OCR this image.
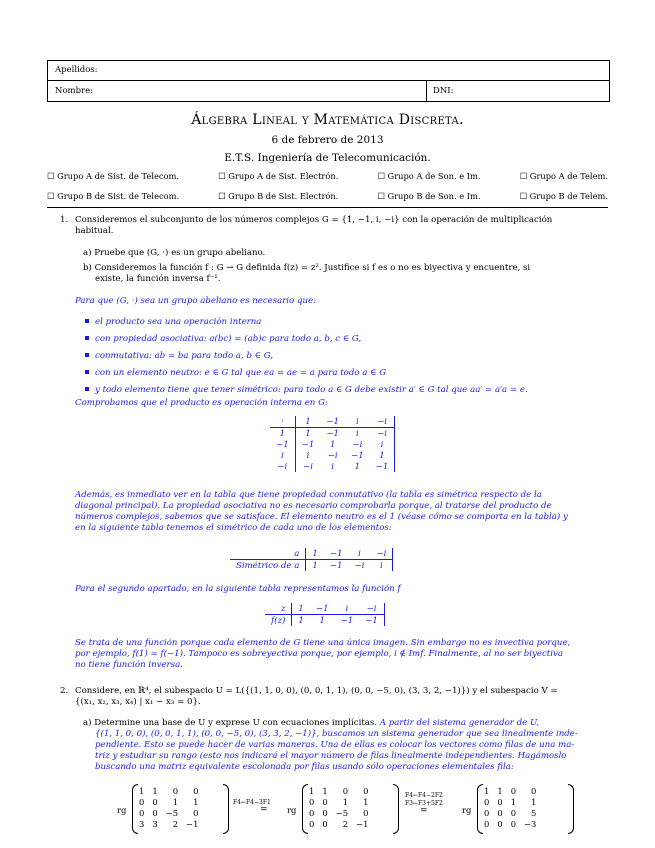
Apellidos:
Nombre:	DNI:
Álgebra Lineal y Matemática Discreta.
6 de febrero de 2013
E.T.S. Ingeniería de Telecomunicación.
☐ Grupo A de Sist. de Telecom.	☐ Grupo A de Sist. Electrón.	☐ Grupo A de Son. e Im.	☐ Grupo A de Telem.
☐ Grupo B de Sist. de Telecom.	☐ Grupo B de Sist. Electrón.	☐ Grupo B de Son. e Im.	☐ Grupo B de Telem.
1. Consideremos el subconjunto de los números complejos G = {1, −1, i, −i} con la operación de multiplicación
habitual.
a) Pruebe que (G, ·) es un grupo abeliano.
b) Consideremos la función f : G → G definida f(z) = z². Justifice si f es o no es biyectiva y encuentre, si
existe, la función inversa f⁻¹.
Para que (G, ·) sea un grupo abeliano es necesario que:
el producto sea una operación interna
con propiedad asociativa: a(bc) = (ab)c para todo a, b, c ∈ G,
conmutativa: ab = ba para todo a, b ∈ G,
con un elemento neutro: e ∈ G tal que ea = ae = a para todo a ∈ G
y todo elemento tiene que tener simétrico: para todo a ∈ G debe existir a′ ∈ G tal que aa′ = a′a = e.
Comprobamos que el producto es operación interna en G:
·	1	−1	i	−i
1	1	−1	i	−i
−1	−1	1	−i	i
i	i	−i	−1	1
−i	−i	i	1	−1
Además, es inmediato ver en la tabla que tiene propiedad conmutativo (la tabla es simétrica respecto de la
diagonal principal). La propiedad asociativa no es necesario comprobarla porque, al tratarse del producto de
números complejos, sabemos que se satisface. El elemento neutro es el 1 (véase cómo se comporta en la tabla) y
en la siguiente tabla tenemos el simétrico de cada uno de los elementos:
a	1	−1	i	−i
Simétrico de a	1	−1	−i	i
Para el segundo apartado, en la siguiente tabla representamos la función f
z	1	−1	i	−i
f(z)	1	1	−1	−1
Se trata de una función porque cada elemento de G tiene una única imagen. Sin embargo no es invectiva porque,
por ejemplo, f(1) = f(−1). Tampoco es sobreyectiva porque, por ejemplo, i ∉ Imf. Finalmente, al no ser biyectiva
no tiene función inversa.
2. Considere, en ℝ⁴, el subespacio U = L({(1, 1, 0, 0), (0, 0, 1, 1), (0, 0, −5, 0), (3, 3, 2, −1)}) y el subespacio V =
{(x₁, x₂, x₃, x₄) | x₁ − x₃ = 0}.
a) Determine una base de U y exprese U con ecuaciones implícitas. A partir del sistema generador de U,
{(1, 1, 0, 0), (0, 0, 1, 1), (0, 0, −5, 0), (3, 3, 2, −1)}, buscamos un sistema generador que sea linealmente inde-
pendiente. Esto se puede hacer de varias maneras. Una de ellas es colocar los vectores como filas de una ma-
triz y estudiar su rango (esto nos indicará el mayor número de filas linealmente independientes. Hagámoslo
buscando una matriz equivalente escolonada por filas usando sólo operaciones elementales fila:
rg
1	1	0	0
0	0	1	1
0	0	−5	0
3	3	2	−1
F4←F4−3F1
= rg
1	1	0	0
0	0	1	1
0	0	−5	0
0	0	2	−1
F4←F4−2F2
F3←F3+5F2
=	rg
1	1	0	0
0	0	1	1
0	0	0	5
0	0	0	−3
